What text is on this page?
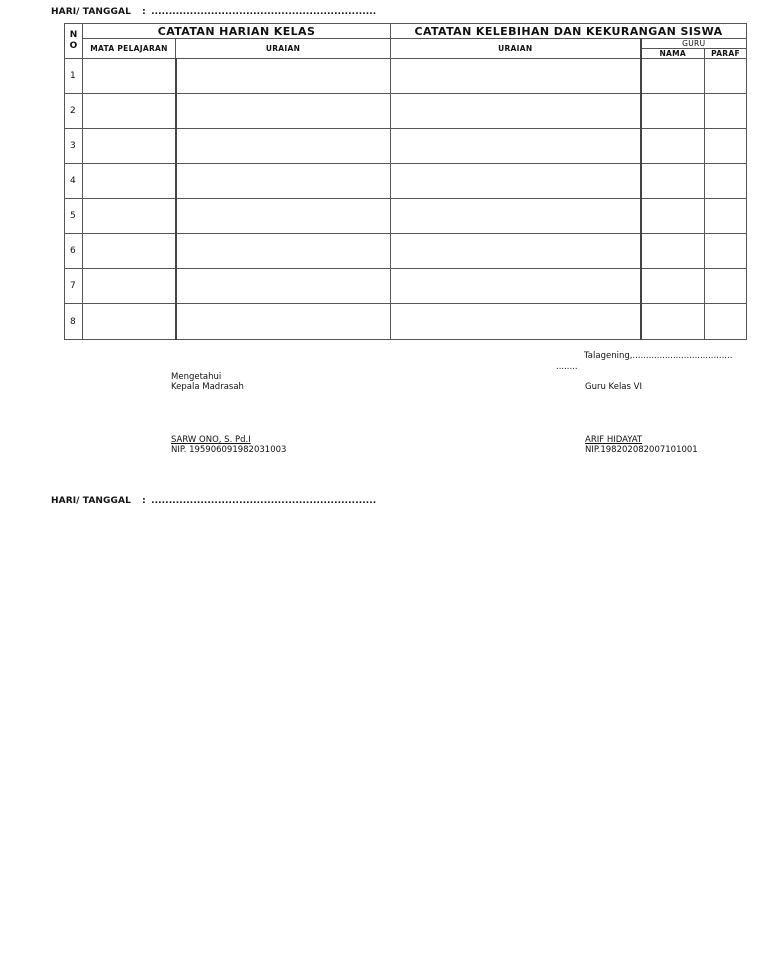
HARI/ TANGGAL : ................................................................
N O	CATATAN HARIAN KELAS		CATATAN KELEBIHAN DAN KEKURANGAN SISWA		
	MATA PELAJARAN	URAIAN	URAIAN	GURU	
				NAMA	PARAF
1					
2					
3					
4					
5					
6					
7					
8					
Talagening,.....................................
........
Mengetahui
Kepala Madrasah	Guru Kelas VI
SARW ONO, S. Pd.I
NIP. 195906091982031003
ARIF HIDAYAT
NIP.198202082007101001
HARI/ TANGGAL : ................................................................
